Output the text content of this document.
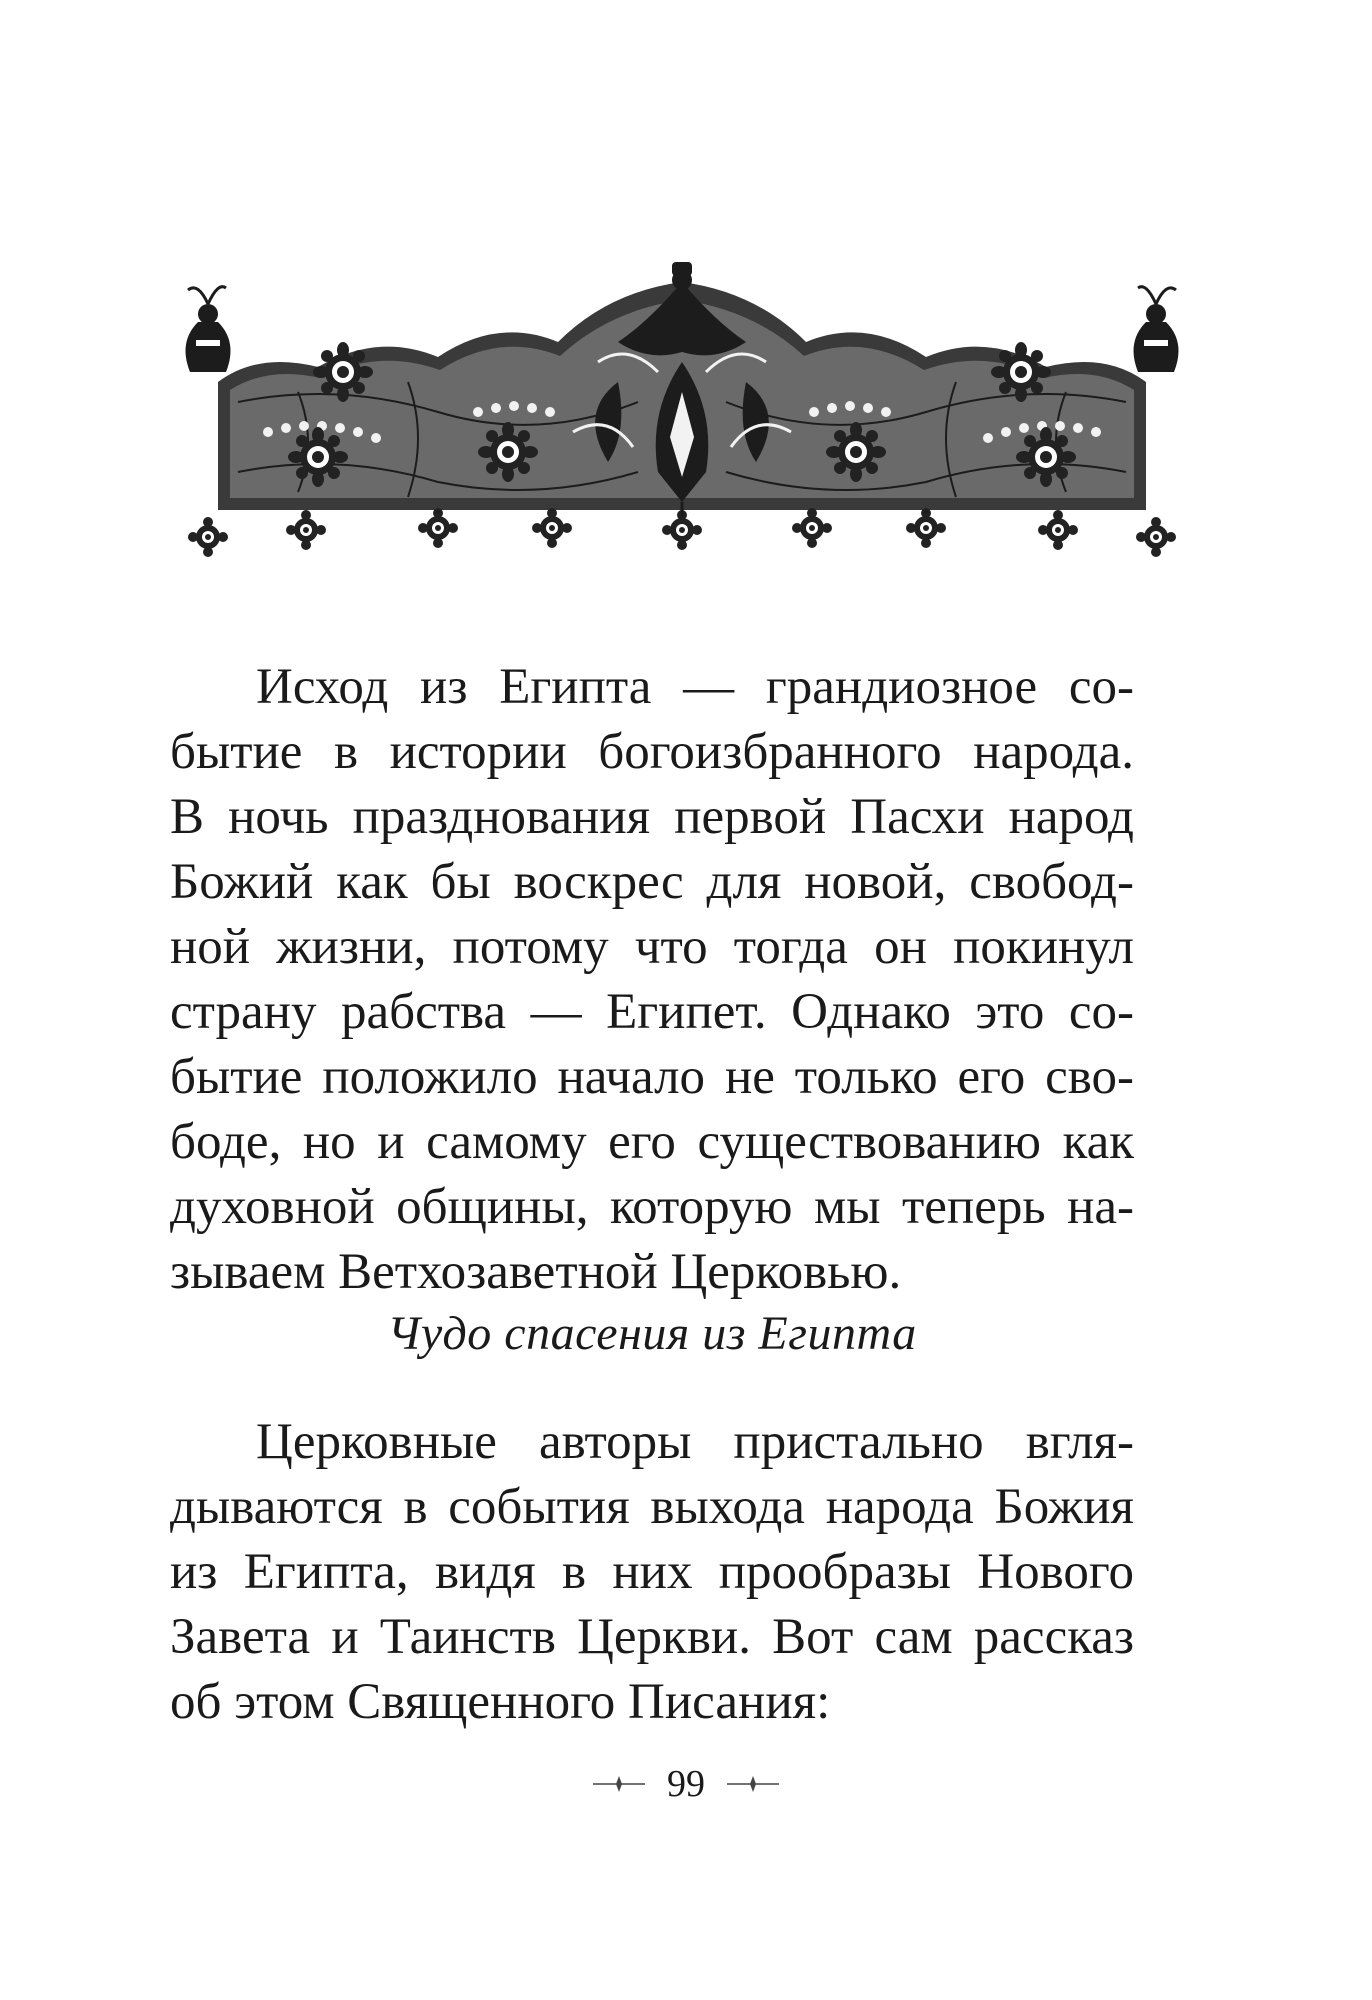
Исход из Египта — грандиозное со-
бытие в истории богоизбранного народа.
В ночь празднования первой Пасхи народ
Божий как бы воскрес для новой, свобод-
ной жизни, потому что тогда он покинул
страну рабства — Египет. Однако это со-
бытие положило начало не только его сво-
боде, но и самому его существованию как
духовной общины, которую мы теперь на-
зываем Ветхозаветной Церковью.
Чудо спасения из Египта
Церковные авторы пристально вгля-
дываются в события выхода народа Божия
из Египта, видя в них прообразы Нового
Завета и Таинств Церкви. Вот сам рассказ
об этом Священного Писания:
99
